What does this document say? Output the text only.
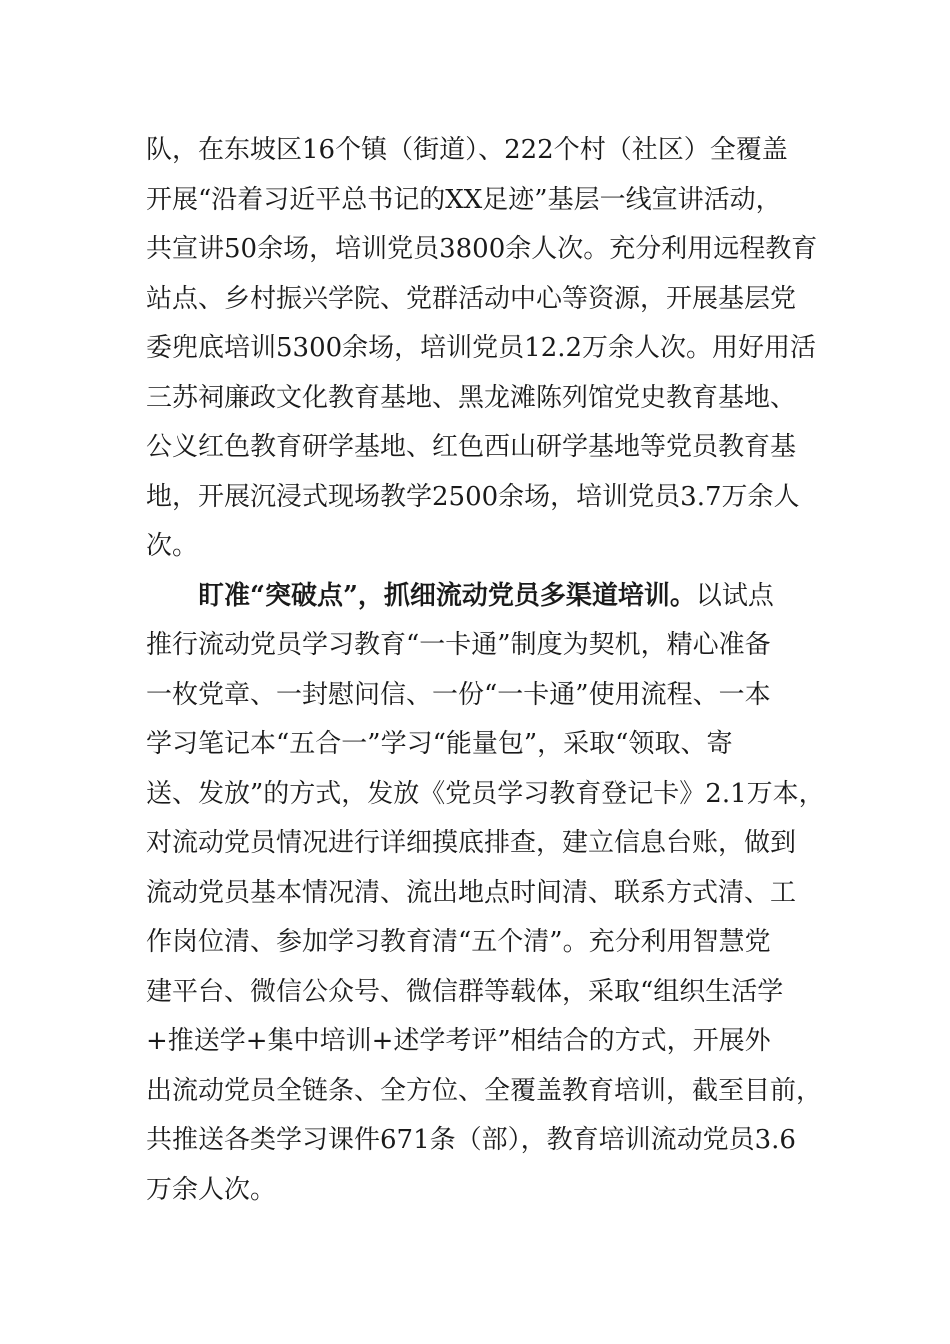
队，在东坡区16个镇（街道）、222个村（社区）全覆盖
开展“沿着习近平总书记的XX足迹”基层一线宣讲活动，
共宣讲50余场，培训党员3800余人次。充分利用远程教育
站点、乡村振兴学院、党群活动中心等资源，开展基层党
委兜底培训5300余场，培训党员12.2万余人次。用好用活
三苏祠廉政文化教育基地、黑龙滩陈列馆党史教育基地、
公义红色教育研学基地、红色西山研学基地等党员教育基
地，开展沉浸式现场教学2500余场，培训党员3.7万余人
次。
盯准“突破点”，抓细流动党员多渠道培训。以试点
推行流动党员学习教育“一卡通”制度为契机，精心准备
一枚党章、一封慰问信、一份“一卡通”使用流程、一本
学习笔记本“五合一”学习“能量包”，采取“领取、寄
送、发放”的方式，发放《党员学习教育登记卡》2.1万本，
对流动党员情况进行详细摸底排查，建立信息台账，做到
流动党员基本情况清、流出地点时间清、联系方式清、工
作岗位清、参加学习教育清“五个清”。充分利用智慧党
建平台、微信公众号、微信群等载体，采取“组织生活学
+推送学+集中培训+述学考评”相结合的方式，开展外
出流动党员全链条、全方位、全覆盖教育培训，截至目前，
共推送各类学习课件671条（部），教育培训流动党员3.6
万余人次。
